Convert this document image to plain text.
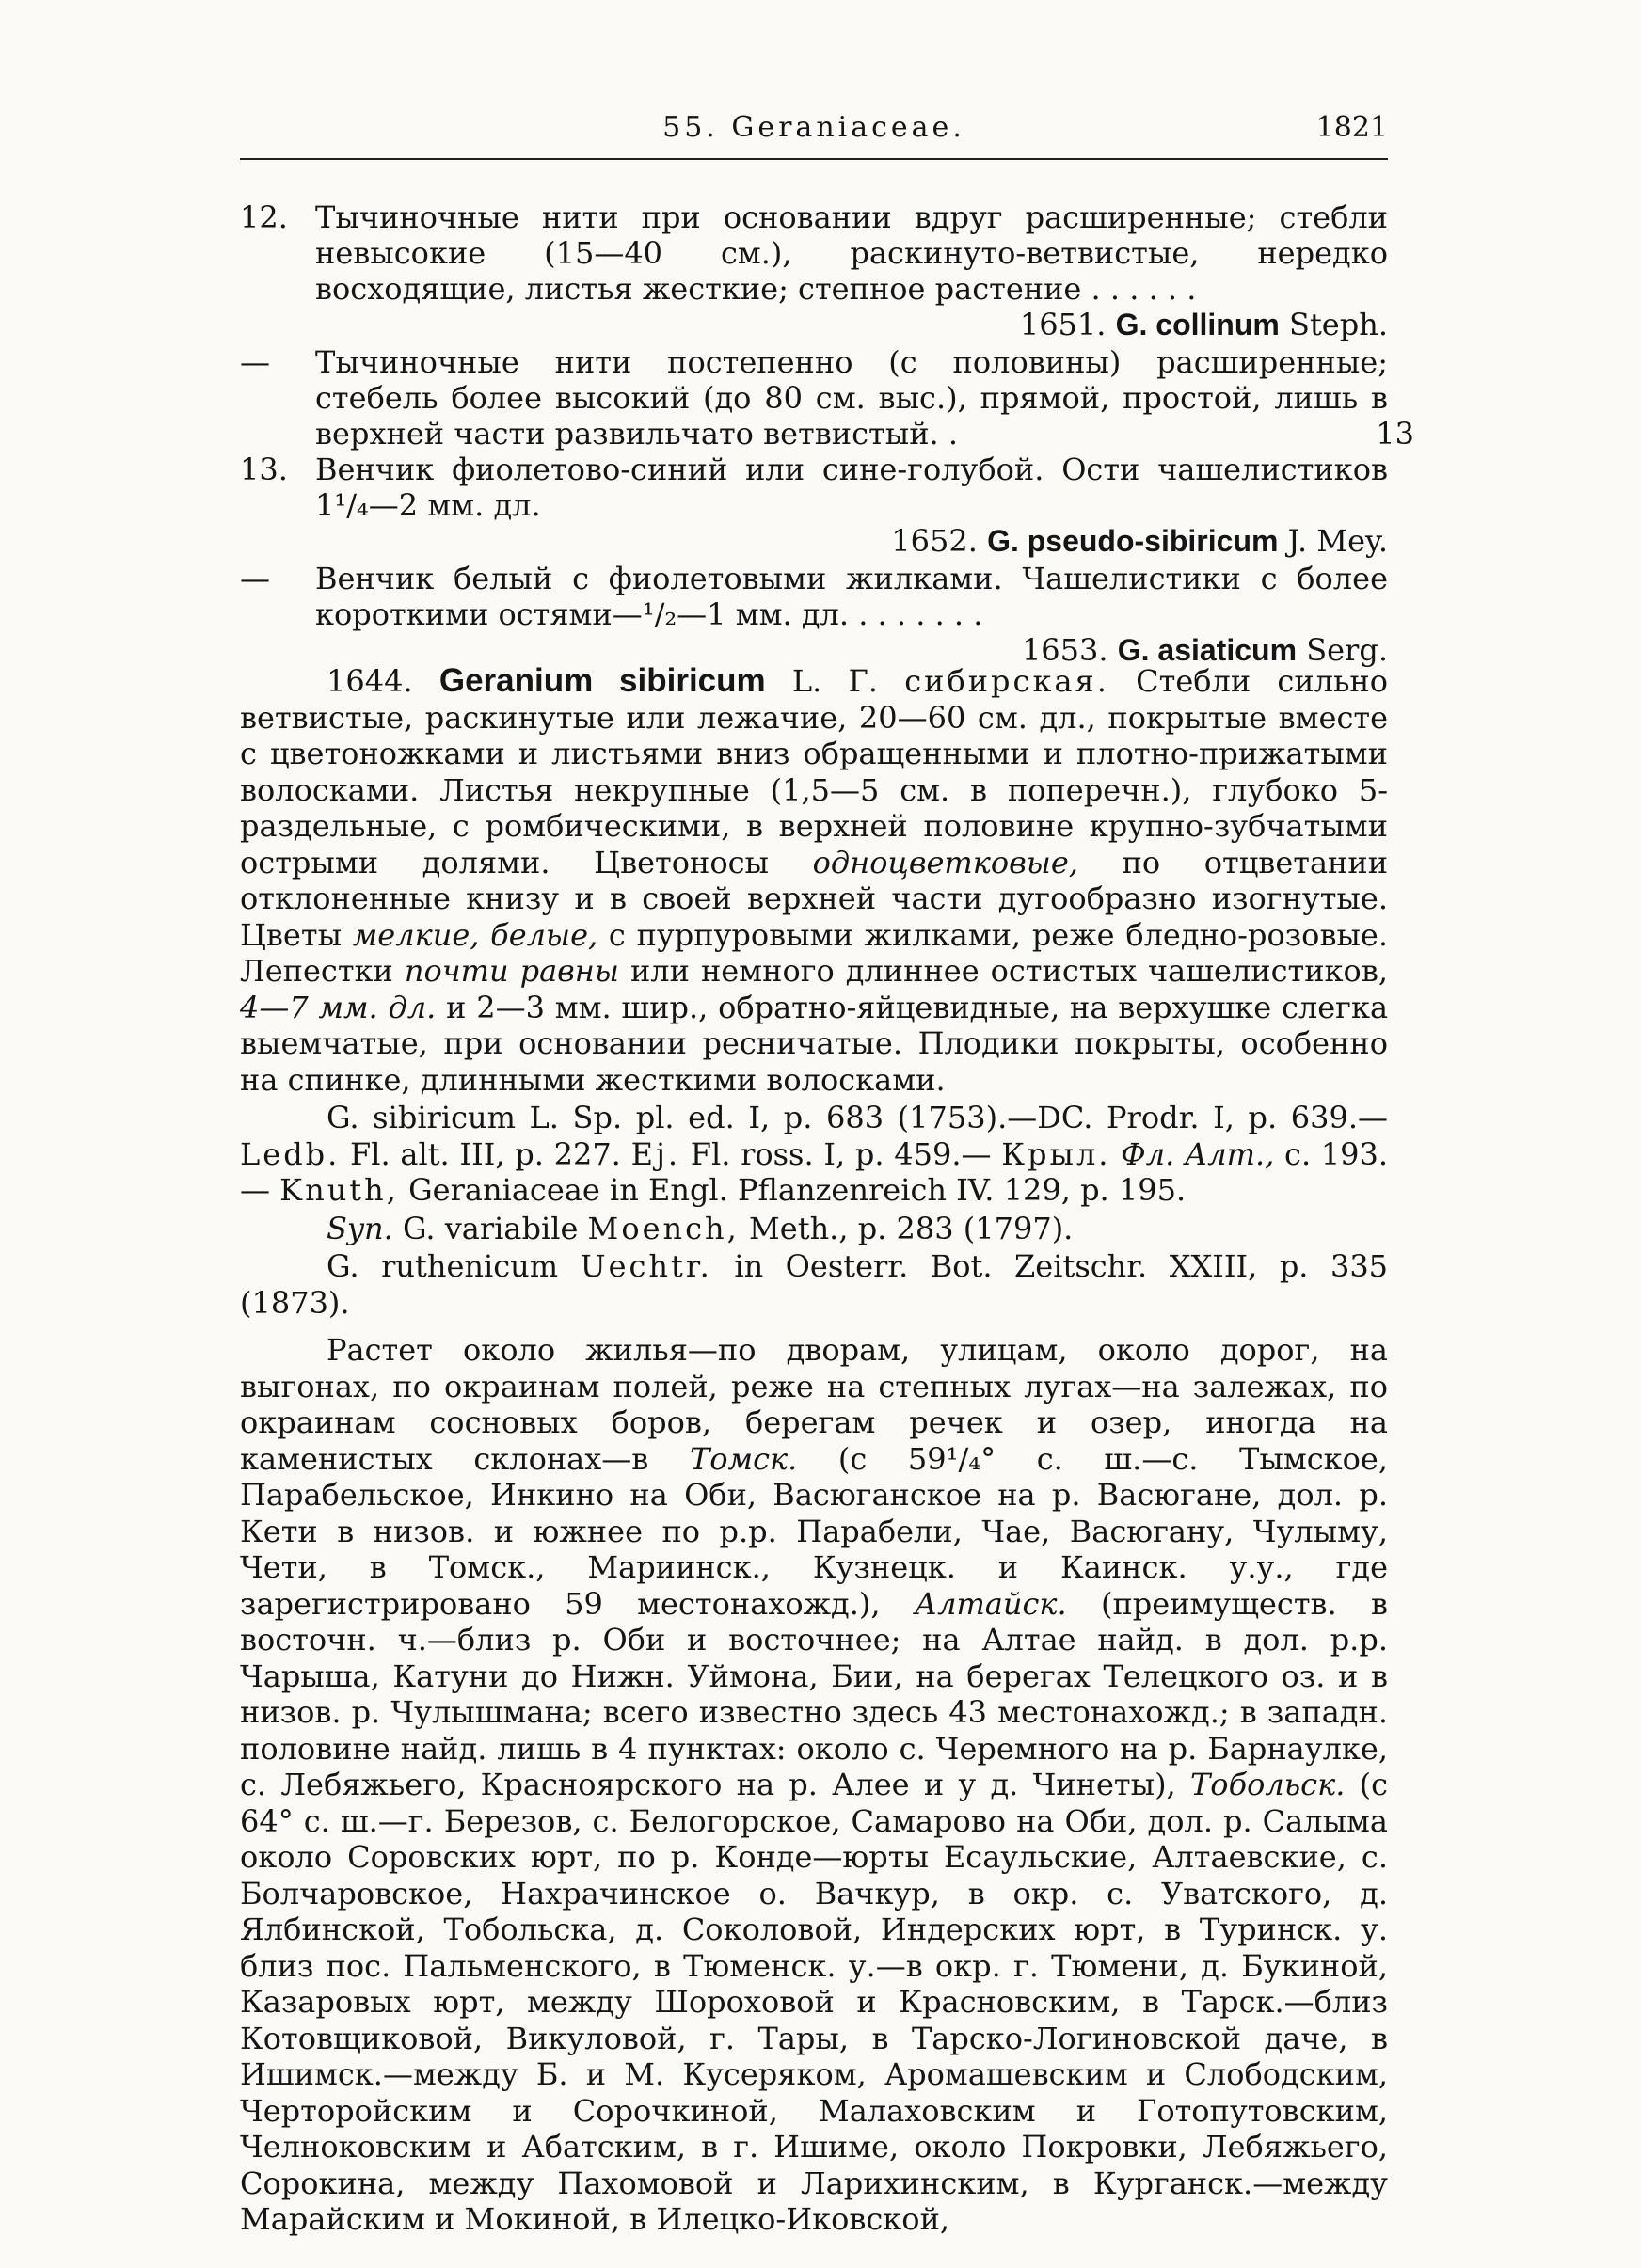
55. Geraniaceae.	1821
12. Тычиночные нити при основании вдруг расширенные; стебли невысокие (15—40 см.), раскинуто-ветвистые, нередко восходящие, листья жесткие; степное растение . . . . . .
1651. G. collinum Steph.
—	Тычиночные нити постепенно (с половины) расширенные; стебель более высокий (до 80 см. выс.), прямой, простой, лишь в верхней части развильчато ветвистый. .	13
13. Венчик фиолетово-синий или сине-голубой. Ости чашелистиков 1¹/₄—2 мм. дл.
1652. G. pseudo-sibiricum J. Mey.
—	Венчик белый с фиолетовыми жилками. Чашелистики с более короткими остями—¹/₂—1 мм. дл. . . . . . . .
1653. G. asiaticum Serg.

1644. Geranium sibiricum L. Г. сибирская. Стебли сильно ветвистые, раскинутые или лежачие, 20—60 см. дл., покрытые вместе с цветоножками и листьями вниз обращенными и плотно-прижатыми волосками. Листья некрупные (1,5—5 см. в поперечн.), глубоко 5-раздельные, с ромбическими, в верхней половине крупно-зубчатыми острыми долями. Цветоносы одноцветковые, по отцветании отклоненные книзу и в своей верхней части дугообразно изогнутые. Цветы мелкие, белые, с пурпуровыми жилками, реже бледно-розовые. Лепестки почти равны или немного длиннее остистых чашелистиков, 4—7 мм. дл. и 2—3 мм. шир., обратно-яйцевидные, на верхушке слегка выемчатые, при основании ресничатые. Плодики покрыты, особенно на спинке, длинными жесткими волосками.

G. sibiricum L. Sp. pl. ed. I, p. 683 (1753).—DC. Prodr. I, p. 639.— Ledb. Fl. alt. III, p. 227. Ej. Fl. ross. I, p. 459.— Крыл. Фл. Алт., с. 193.— Knuth, Geraniaceae in Engl. Pflanzenreich IV. 129, p. 195.

Syn. G. variabile Moench, Meth., p. 283 (1797).

G. ruthenicum Uechtr. in Oesterr. Bot. Zeitschr. XXIII, p. 335 (1873).

Растет около жилья—по дворам, улицам, около дорог, на выгонах, по окраинам полей, реже на степных лугах—на залежах, по окраинам сосновых боров, берегам речек и озер, иногда на каменистых склонах—в Томск. (с 59¹/₄° с. ш.—с. Тымское, Парабельское, Инкино на Оби, Васюганское на р. Васюгане, дол. р. Кети в низов. и южнее по р.р. Парабели, Чае, Васюгану, Чулыму, Чети, в Томск., Мариинск., Кузнецк. и Каинск. у.у., где зарегистрировано 59 местонахожд.), Алтайск. (преимуществ. в восточн. ч.—близ р. Оби и восточнее; на Алтае найд. в дол. р.р. Чарыша, Катуни до Нижн. Уймона, Бии, на берегах Телецкого оз. и в низов. р. Чулышмана; всего известно здесь 43 местонахожд.; в западн. половине найд. лишь в 4 пунктах: около с. Черемного на р. Барнаулке, с. Лебяжьего, Красноярского на р. Алее и у д. Чинеты), Тобольск. (с 64° с. ш.—г. Березов, с. Белогорское, Самарово на Оби, дол. р. Салыма около Соровских юрт, по р. Конде—юрты Есаульские, Алтаевские, с. Болчаровское, Нахрачинское о. Вачкур, в окр. с. Уватского, д. Ялбинской, Тобольска, д. Соколовой, Индерских юрт, в Туринск. у. близ пос. Пальменского, в Тюменск. у.—в окр. г. Тюмени, д. Букиной, Казаровых юрт, между Шороховой и Красновским, в Тарск.—близ Котовщиковой, Викуловой, г. Тары, в Тарско-Логиновской даче, в Ишимск.—между Б. и М. Кусеряком, Аромашевским и Слободским, Черторойским и Сорочкиной, Малаховским и Готопутовским, Челноковским и Абатским, в г. Ишиме, около Покровки, Лебяжьего, Сорокина, между Пахомовой и Ларихинским, в Курганск.—между Марайским и Мокиной, в Илецко-Иковской,
